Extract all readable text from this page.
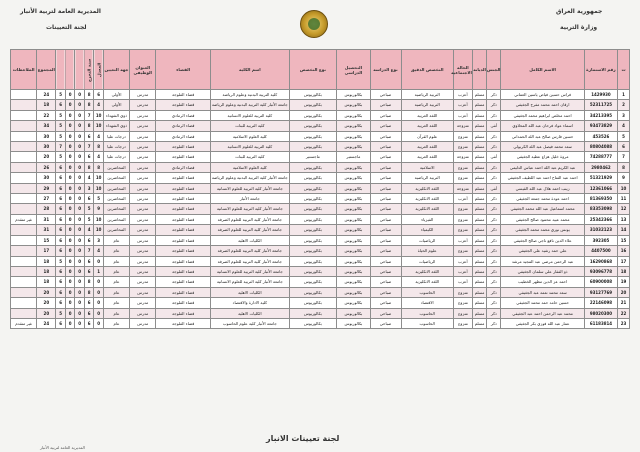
جمهورية العراق
وزارة التربية
المديرية العامة لتربية الأنبار
لجنة التعيينات
ت	رقم الاستمارة	الاسم الكامل	الجنس	الديانة	الحالة الاجتماعية	التخصص الدقيق	نوع الدراسة	التحصيل الدراسي	نوع التخصص	اسم الكلية	القضاء	العنوان الوظيفي	جهة التعيين	المعدل	سنة التخرج				المجموع	الملاحظات
1	1429930	فراس حسين فياض ياسين العماني	ذكر	مسلم	أعزب	التربية الرياضية	صباحي	بكالوريوس	بكالوريوس	كلية التربية البدنية وعلوم الرياضة	قضاء الفلوجة	مدرس	الأولى	6	8	0	0	5	24	
2	52311725	ارقان احمد محمد مفرح الجغيفي	ذكر	مسلم	أعزب	التربية الرياضية	صباحي	بكالوريوس	بكالوريوس	جامعة الأنبار كلية التربية البدنية وعلوم الرياضة	قضاء الفلوجة	مدرس	الأولى	4	8	0	0	6	18	
3	34213395	احمد مخلص ابراهيم محمد الجغيفي	ذكر	مسلم	أعزب	اللغة العربية	صباحي	بكالوريوس	بكالوريوس	كلية التربية للعلوم الانسانية	قضاء الرمادي	مدرس	ذوي الشهداء	10	7	0	0	5	22	
4	93473829	اسماء عواد فرحان عبد الله المحلاوي	أنثى	مسلم	متزوجة	اللغة العربية	صباحي	بكالوريوس	بكالوريوس	كلية التربية للبنات	قضاء الرمادي	مدرس	ذوي الشهداء	10	8	0	0	5	34	
5	453526	حسين فارس صالح عبد الله الحمداني	ذكر	مسلم	متزوج	علوم القرآن	صباحي	بكالوريوس	بكالوريوس	كلية العلوم الاسلامية	قضاء الرمادي	مدرس	درجات عليا	4	6	0	0	5	30	
6	80804088	سعد محمد فيصل عبد الله الكربولي	ذكر	مسلم	متزوج	اللغة العربية	صباحي	بكالوريوس	بكالوريوس	كلية التربية للعلوم الانسانية	قضاء الفلوجة	مدرس	درجات عليا	8	7	0	0	7	30	
7	74288777	مروة خليل هزاع عطية الجغيفي	أنثى	مسلم	متزوجة	اللغة العربية	صباحي	ماجستير	ماجستير	كلية التربية للبنات	قضاء الفلوجة	مدرس	درجات عليا	4	6	0	0	5	20	
8	2980462	عبد الكريم عبد الله احمد عباس الدليمي	ذكر	مسلم	متزوج	الاسلامية	صباحي	بكالوريوس	بكالوريوس	كلية العلوم الاسلامية	قضاء الرمادي	مدرس	المحاضرين	8	8	0	0	6	26	
9	51321929	احمد عبد الفتاح احمد عبد اللطيف الجغيفي	ذكر	مسلم	متزوج	التربية الرياضية	صباحي	بكالوريوس	بكالوريوس	جامعة الأنبار كلية التربية البدنية وعلوم الرياضة	قضاء الفلوجة	مدرس	المحاضرين	10	4	0	0	6	30	
10	12361066	زينب احمد هلال عبد الله القيسي	أنثى	مسلم	متزوجة	اللغة الانكليزية	صباحي	بكالوريوس	بكالوريوس	جامعة الأنبار كلية التربية للعلوم الانسانية	قضاء الفلوجة	مدرس	المحاضرين	10	3	0	0	6	29	
11	81369350	احمد عودة محمد جمعة الجغيفي	ذكر	مسلم	أعزب	اللغة الانكليزية	صباحي	بكالوريوس	بكالوريوس	جامعة الأنبار	قضاء الفلوجة	مدرس	المحاضرين	5	6	0	0	6	27	
12	83353098	محمد اسماعيل عبد الله محمد الجغيفي	ذكر	مسلم	متزوج	اللغة الانكليزية	صباحي	بكالوريوس	بكالوريوس	جامعة الأنبار كلية التربية للعلوم الانسانية	قضاء الفلوجة	مدرس	المحاضرين	9	5	0	0	6	28	
13	25342366	محمد عبيد محمود صالح الجغيفي	ذكر	مسلم	متزوج	الفيزياء	صباحي	بكالوريوس	بكالوريوس	جامعة الأنبار كلية التربية للعلوم الصرفة	قضاء الفلوجة	مدرس	المحاضرين	10	5	0	0	6	31	غير متقدم
14	31032123	يونس نوري محمد محمد الجغيفي	ذكر	مسلم	متزوج	الكيمياء	صباحي	بكالوريوس	بكالوريوس	جامعة الأنبار كلية التربية للعلوم الصرفة	قضاء الفلوجة	مدرس	المحاضرين	10	4	0	0	6	31	
15	392305	علاء الدين نافع ناجي صالح الجغيفي	ذكر	مسلم	أعزب	الرياضيات	صباحي	بكالوريوس	بكالوريوس	الكليات الاهلية	قضاء الفلوجة	مدرس	عام	3	6	0	0	6	15	
16	4407500	علي حمد رشيد علي الجغيفي	ذكر	مسلم	متزوج	علوم الحياة	صباحي	بكالوريوس	بكالوريوس	جامعة الأنبار كلية التربية للعلوم الصرفة	قضاء الفلوجة	مدرس	عام	4	7	0	0	6	17	
17	16290868	عبد الرحمن مرضي عبد المجيد مرشد	ذكر	مسلم	أعزب	الرياضيات	صباحي	بكالوريوس	بكالوريوس	جامعة الأنبار كلية التربية للعلوم الصرفة	قضاء الفلوجة	مدرس	عام	0	6	0	0	5	18	
18	93096778	ذو الفقار علي سلمان الجغيفي	ذكر	مسلم	أعزب	اللغة الانكليزية	صباحي	بكالوريوس	بكالوريوس	جامعة الأنبار كلية التربية للعلوم الانسانية	قضاء الفلوجة	مدرس	عام	1	6	0	0	6	18	
19	60900008	احمد عز الدين مظهر الخطيب	ذكر	مسلم	أعزب	اللغة الانكليزية	صباحي	بكالوريوس	بكالوريوس	جامعة الأنبار كلية التربية للعلوم الانسانية	قضاء الفلوجة	مدرس	عام	0	8	0	0	6	18	
20	93127769	سعد محمد نعمة عبد الجغيفي	ذكر	مسلم	متزوج	الحاسوب	صباحي	بكالوريوس	بكالوريوس	الكليات الاهلية	قضاء الفلوجة	مدرس	عام	0	8	0	0	6	20	
21	22146098	حسين حامد حمد محمد الجغيفي	ذكر	مسلم	متزوج	الاقتصاد	صباحي	بكالوريوس	بكالوريوس	كلية الادارة والاقتصاد	قضاء الفلوجة	مدرس	عام	0	6	0	0	6	20	
22	98020300	محمد عبد الرحمن احمد عبد الجغيفي	ذكر	مسلم	متزوج	الحاسوب	صباحي	بكالوريوس	بكالوريوس	الكليات الاهلية	قضاء الفلوجة	مدرس	عام	0	6	0	0	5	20	
23	61183814	عمار عبد الله فوزي بكر الجغيفي	ذكر	مسلم	متزوج	الحاسوب	صباحي	بكالوريوس	بكالوريوس	جامعة الأنبار كلية علوم الحاسوب	قضاء الفلوجة	مدرس	عام	0	6	0	0	6	24	غير متقدم
لجنة تعيينات الانبار
المديرية العامة لتربية الأنبار
